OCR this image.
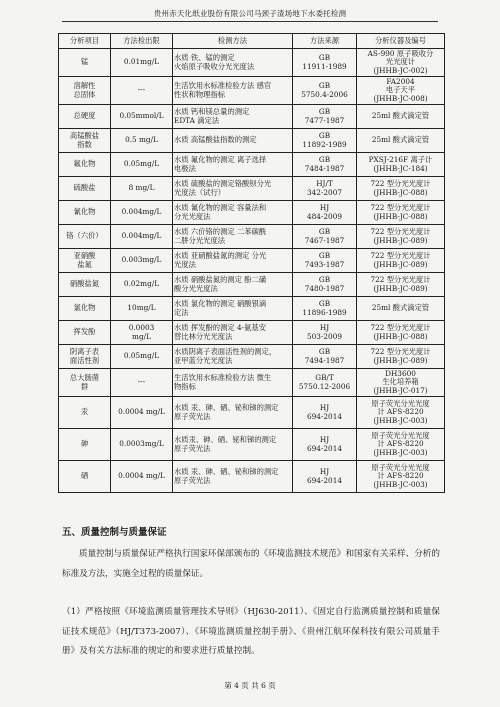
贵州赤天化纸业股份有限公司马颈子渣场地下水委托检测
分析项目	方法检出限	检测方法	方法来源	分析仪器及编号
锰	0.01mg/L	水质 铁、锰的测定
火焰原子吸收分光光度法	GB
11911-1989	AS-990 原子吸收分
光光度计
(JHHB-JC-002)
溶解性
总固体	---	生活饮用水标准检验方法 感官
性状和物理指标	GB
5750.4-2006	FA2004
电子天平
(JHHB-JC-008)
总硬度	0.05mmol/L	水质 钙和镁总量的测定
EDTA 滴定法	GB
7477-1987	25ml 酸式滴定管
高锰酸盐
指数	0.5 mg/L	水质 高锰酸盐指数的测定	GB
11892-1989	25ml 酸式滴定管
氟化物	0.05mg/L	水质 氟化物的测定 离子选择
电极法	GB
7484-1987	PXSJ-216F 离子计
(JHHB-JC-184)
硫酸盐	8 mg/L	水质 硫酸盐的测定铬酸钡分光
光度法（试行）	HJ/T
342-2007	722 型分光光度计
(JHHB-JC-088)
氰化物	0.004mg/L	水质 氰化物的测定 容量法和
分光光度法	HJ
484-2009	722 型分光光度计
(JHHB-JC-088)
铬（六价）	0.004mg/L	水质 六价铬的测定 二苯碳酰
二肼分光光度法	GB
7467-1987	722 型分光光度计
(JHHB-JC-089)
亚硝酸
盐氮	0.003mg/L	水质 亚硝酸盐氮的测定 分光
光度法	GB
7493-1987	722 型分光光度计
(JHHB-JC-089)
硝酸盐氮	0.02mg/L	水质 硝酸盐氮的测定 酚二磺
酸分光光度法	GB
7480-1987	722 型分光光度计
(JHHB-JC-089)
氯化物	10mg/L	水质 氯化物的测定 硝酸银滴
定法	GB
11896-1989	25ml 酸式滴定管
挥发酚	0.0003
mg/L	水质 挥发酚的测定 4-氨基安
替比林分光光度法	HJ
503-2009	722 型分光光度计
(JHHB-JC-088)
阴离子表
面活性剂	0.05mg/L	水质阴离子表面活性剂的测定，
亚甲蓝分光光度法	GB
7494-1987	722 型分光光度计
(JHHB-JC-089)
总大肠菌
群	---	生活饮用水标准检验方法 微生
物指标	GB/T
5750.12-2006	DH3600
生化培养箱
(JHHB-JC-017)
汞	0.0004 mg/L	水质 汞、砷、硒、铋和锑的测定
原子荧光法	HJ
694-2014	原子荧光分光光度
计 AFS-8220
(JHHB-JC-003)
砷	0.0003mg/L	水质汞、砷、硒、铋和锑的测定
原子荧光法	HJ
694-2014	原子荧光分光光度
计 AFS-8220
(JHHB-JC-003)
硒	0.0004 mg/L	水质 汞、砷、硒、铋和锑的测定
原子荧光法	HJ
694-2014	原子荧光分光光度
计 AFS-8220
(JHHB-JC-003)
五、质量控制与质量保证

质量控制与质量保证严格执行国家环保部颁布的《环境监测技术规范》和国家有关采样、分析的标准及方法，实施全过程的质量保证。

（1）严格按照《环境监测质量管理技术导则》（HJ630-2011）、《固定自行监测质量控制和质量保证技术规范》（HJ/T373-2007）、《环境监测质量控制手册》、《贵州江航环保科技有限公司质量手册》及有关方法标准的规定的和要求进行质量控制。

第 4 页 共 6 页
